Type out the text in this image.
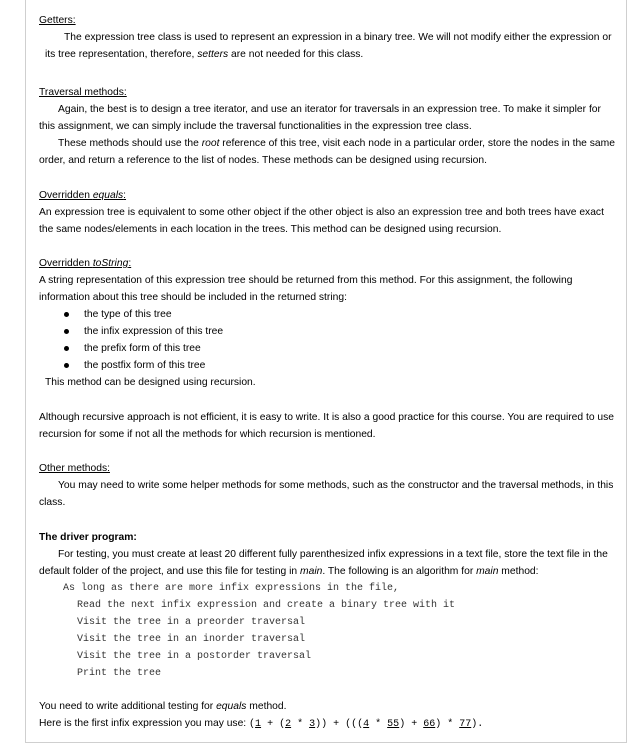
Getters:

The expression tree class is used to represent an expression in a binary tree. We will not modify either the expression or its tree representation, therefore, setters are not needed for this class.

Traversal methods:

Again, the best is to design a tree iterator, and use an iterator for traversals in an expression tree. To make it simpler for this assignment, we can simply include the traversal functionalities in the expression tree class.

These methods should use the root reference of this tree, visit each node in a particular order, store the nodes in the same order, and return a reference to the list of nodes. These methods can be designed using recursion.

Overridden equals:

An expression tree is equivalent to some other object if the other object is also an expression tree and both trees have exact the same nodes/elements in each location in the trees. This method can be designed using recursion.

Overridden toString:

A string representation of this expression tree should be returned from this method. For this assignment, the following information about this tree should be included in the returned string:

the type of this tree
the infix expression of this tree
the prefix form of this tree
the postfix form of this tree

This method can be designed using recursion.

Although recursive approach is not efficient, it is easy to write. It is also a good practice for this course. You are required to use recursion for some if not all the methods for which recursion is mentioned.

Other methods:

You may need to write some helper methods for some methods, such as the constructor and the traversal methods, in this class.

The driver program:

For testing, you must create at least 20 different fully parenthesized infix expressions in a text file, store the text file in the default folder of the project, and use this file for testing in main. The following is an algorithm for main method:

As long as there are more infix expressions in the file,
Read the next infix expression and create a binary tree with it
Visit the tree in a preorder traversal
Visit the tree in an inorder traversal
Visit the tree in a postorder traversal
Print the tree

You need to write additional testing for equals method.

Here is the first infix expression you may use: (1 + (2 * 3)) + (((4 * 55) + 66) * 77).
